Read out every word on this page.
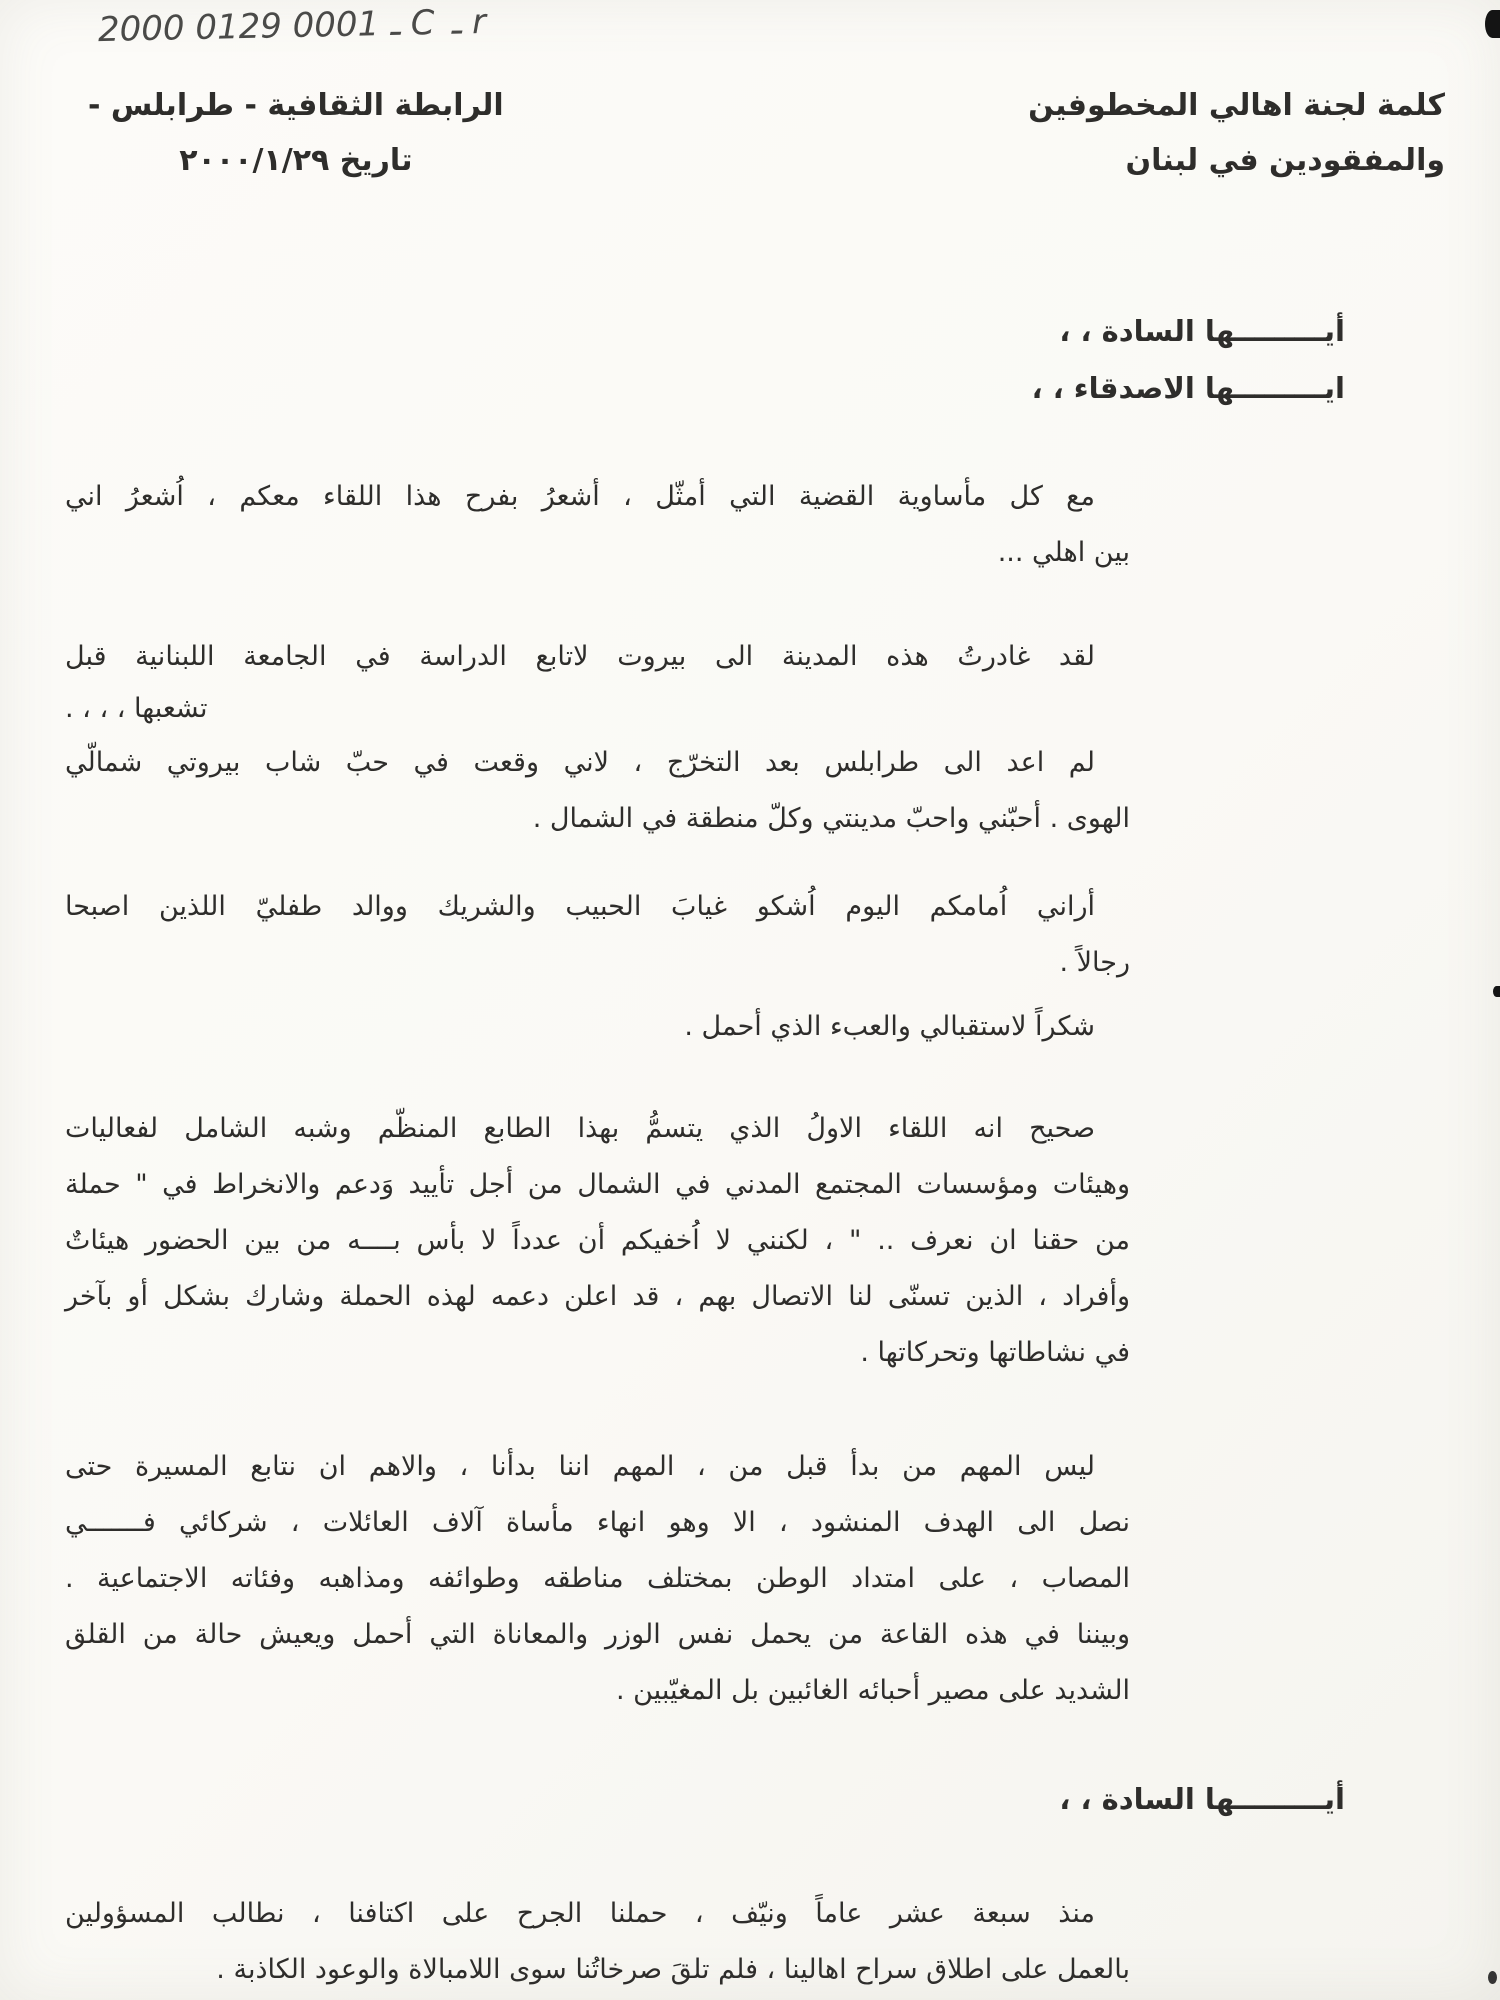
2000 0129 ـ 0001 C ـ r
الرابطة الثقافية - طرابلس -
تاريخ ٢٠٠٠/١/٢٩
كلمة لجنة اهالي المخطوفين
والمفقودين في لبنان
أيـــــــــها السادة ، ،
ايـــــــــها الاصدقاء ، ،
مع كل مأساوية القضية التي أمثّل ، أشعرُ بفرح هذا اللقاء معكم ، اُشعرُ اني
بين اهلي ...
لقد غادرتُ هذه المدينة الى بيروت لاتابع الدراسة في الجامعة اللبنانية قبل
تشعبها ، ، ، .
لم اعد الى طرابلس بعد التخرّج ، لاني وقعت في حبّ شاب بيروتي شمالّي
الهوى . أحبّني واحبّ مدينتي وكلّ منطقة في الشمال .
أراني اُمامكم اليوم اُشكو غيابَ الحبيب والشريك ووالد طفليّ اللذين اصبحا
رجالاً .
شكراً لاستقبالي والعبء الذي أحمل .
صحيح انه اللقاء الاولُ الذي يتسمُّ بهذا الطابع المنظّم وشبه الشامل لفعاليات
وهيئات ومؤسسات المجتمع المدني في الشمال من أجل تأييد وَدعم والانخراط في " حملة
من حقنا ان نعرف .. " ، لكنني لا اُخفيكم أن عدداً لا بأس بــــه من بين الحضور هيئاتٌ
وأفراد ، الذين تسنّى لنا الاتصال بهم ، قد اعلن دعمه لهذه الحملة وشارك بشكل أو بآخر
في نشاطاتها وتحركاتها .
ليس المهم من بدأ قبل من ، المهم اننا بدأنا ، والاهم ان نتابع المسيرة حتى
نصل الى الهدف المنشود ، الا وهو انهاء مأساة آلاف العائلات ، شركائي فـــــــي
المصاب ، على امتداد الوطن بمختلف مناطقه وطوائفه ومذاهبه وفئاته الاجتماعية .
وبيننا في هذه القاعة من يحمل نفس الوزر والمعاناة التي أحمل ويعيش حالة من القلق
الشديد على مصير أحبائه الغائبين بل المغيّبين .
أيـــــــــها السادة ، ،
منذ سبعة عشر عاماً ونيّف ، حملنا الجرح على اكتافنا ، نطالب المسؤولين
بالعمل على اطلاق سراح اهالينا ، فلم تلقَ صرخاتُنا سوى اللامبالاة والوعود الكاذبة .
